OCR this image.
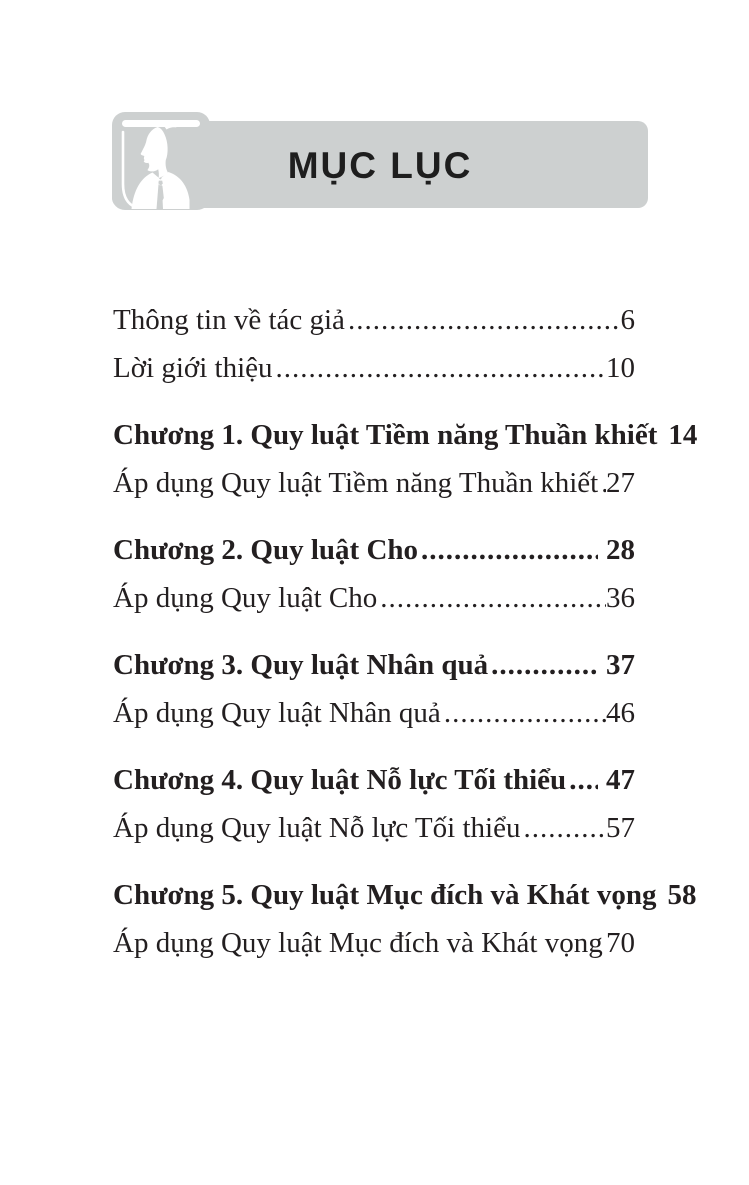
MỤC LỤC
Thông tin về tác giả .....	6
Lời giới thiệu .....	10
Chương 1. Quy luật Tiềm năng Thuần khiết ..... 14
Áp dụng Quy luật Tiềm năng Thuần khiết ..... 27
Chương 2. Quy luật Cho .....	28
Áp dụng Quy luật Cho .....	36
Chương 3. Quy luật Nhân quả .....	37
Áp dụng Quy luật Nhân quả .....	46
Chương 4. Quy luật Nỗ lực Tối thiểu ..... 47
Áp dụng Quy luật Nỗ lực Tối thiểu .....	57
Chương 5. Quy luật Mục đích và Khát vọng ..... 58
Áp dụng Quy luật Mục đích và Khát vọng ..... 70
